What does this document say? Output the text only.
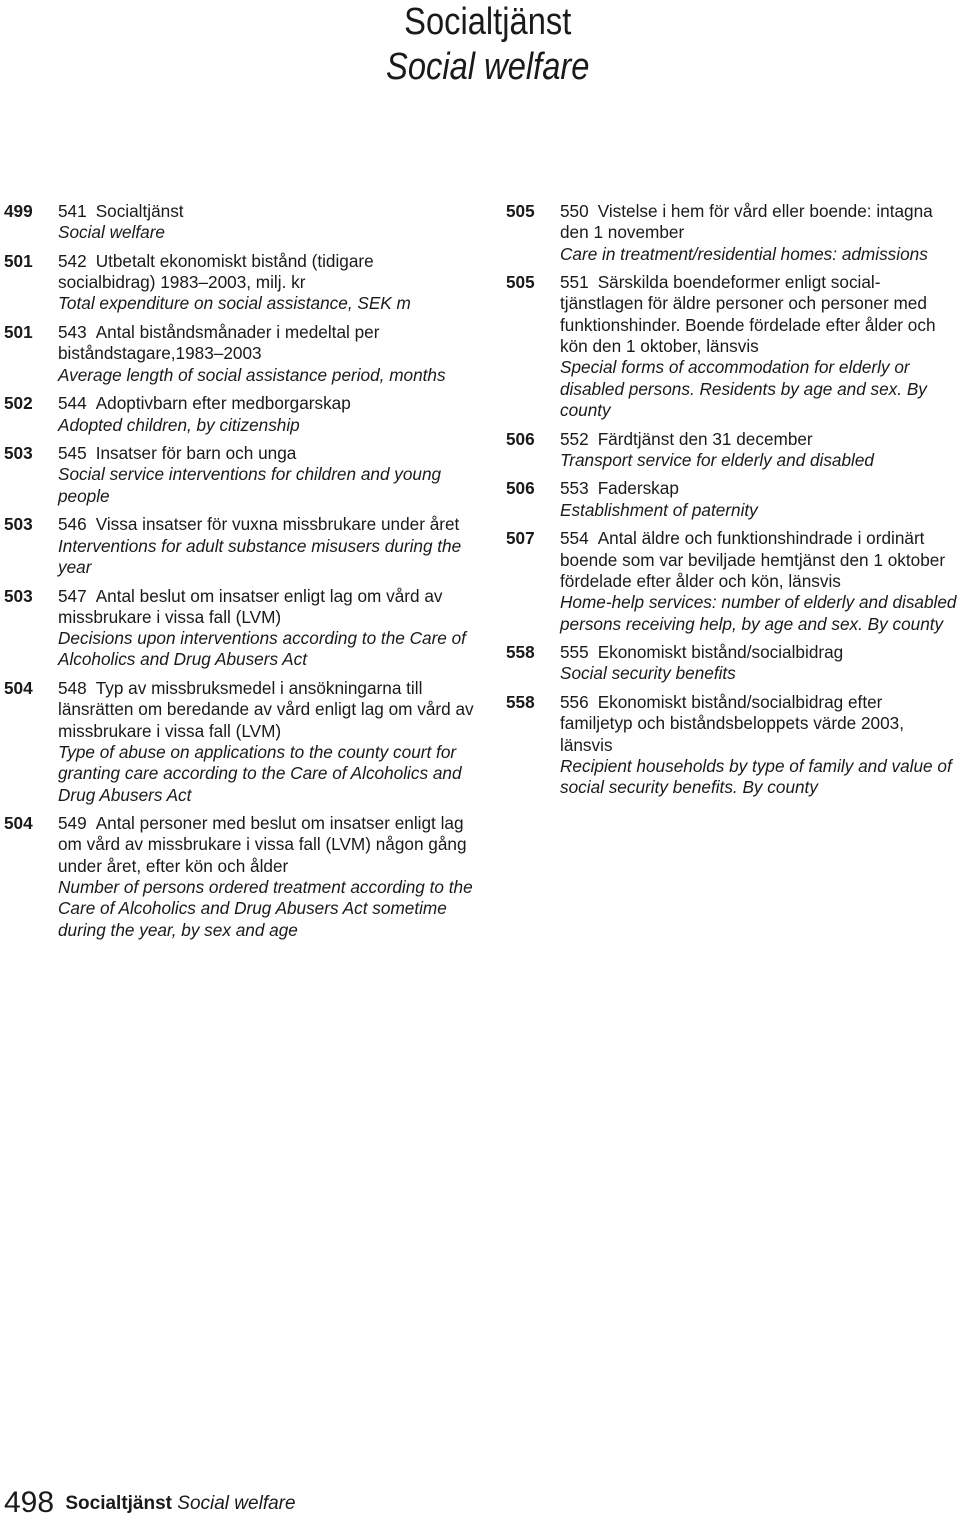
Socialtjänst
Social welfare
499	541 Socialtjänst
Social welfare
501	542 Utbetalt ekonomiskt bistånd (tidigare socialbidrag) 1983–2003, milj. kr
Total expenditure on social assistance, SEK m
501	543 Antal biståndsmånader i medeltal per biståndstagare,1983–2003
Average length of social assistance period, months
502	544 Adoptivbarn efter medborgarskap
Adopted children, by citizenship
503	545 Insatser för barn och unga
Social service interventions for children and young people
503	546 Vissa insatser för vuxna missbrukare under året
Interventions for adult substance misusers during the year
503	547 Antal beslut om insatser enligt lag om vård av missbrukare i vissa fall (LVM)
Decisions upon interventions according to the Care of Alcoholics and Drug Abusers Act
504	548 Typ av missbruksmedel i ansökningarna till länsrätten om beredande av vård enligt lag om vård av missbrukare i vissa fall (LVM)
Type of abuse on applications to the county court for granting care according to the Care of Alcoholics and Drug Abusers Act
504	549 Antal personer med beslut om insatser enligt lag om vård av missbrukare i vissa fall (LVM) någon gång under året, efter kön och ålder
Number of persons ordered treatment according to the Care of Alcoholics and Drug Abusers Act sometime during the year, by sex and age
505	550 Vistelse i hem för vård eller boende: intagna den 1 november
Care in treatment/residential homes: admissions
505	551 Särskilda boendeformer enligt social-tjänstlagen för äldre personer och personer med funktionshinder. Boende fördelade efter ålder och kön den 1 oktober, länsvis
Special forms of accommodation for elderly or disabled persons. Residents by age and sex. By county
506	552 Färdtjänst den 31 december
Transport service for elderly and disabled
506	553 Faderskap
Establishment of paternity
507	554 Antal äldre och funktionshindrade i ordinärt boende som var beviljade hemtjänst den 1 oktober fördelade efter ålder och kön, länsvis
Home-help services: number of elderly and disabled persons receiving help, by age and sex. By county
558	555 Ekonomiskt bistånd/socialbidrag
Social security benefits
558	556 Ekonomiskt bistånd/socialbidrag efter familjetyp och biståndsbeloppets värde 2003, länsvis
Recipient households by type of family and value of social security benefits. By county
498 Socialtjänst Social welfare
